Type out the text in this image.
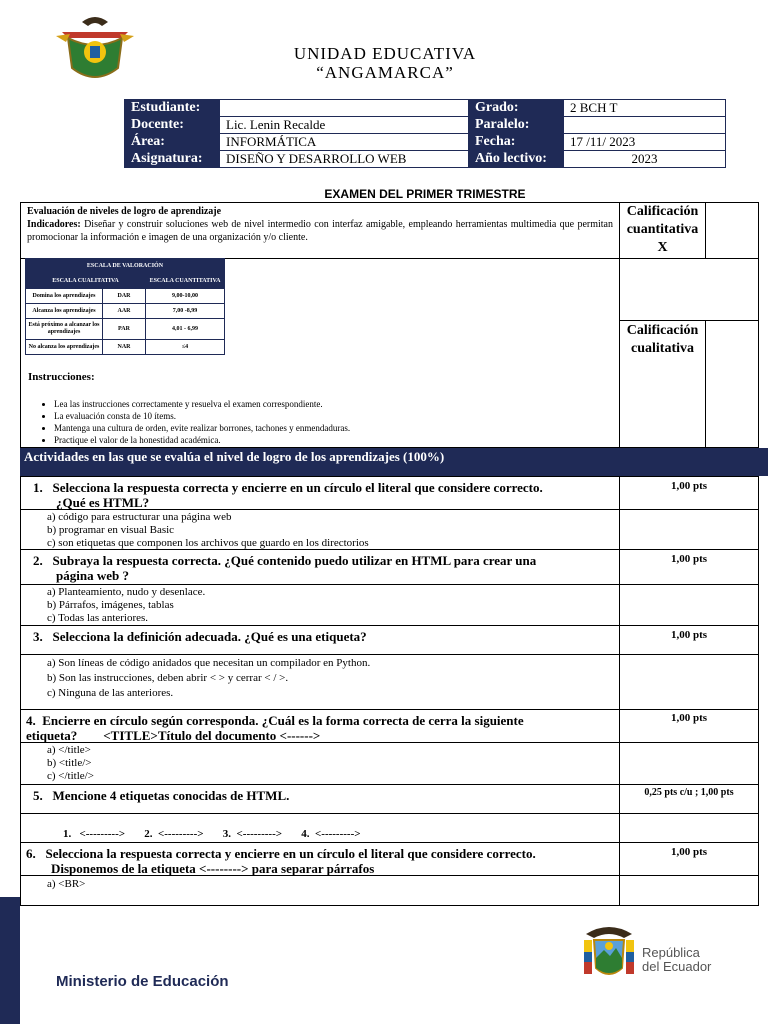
UNIDAD EDUCATIVA
“ANGAMARCA”
Estudiante:		Grado:	2 BCH T
Docente:	Lic. Lenin Recalde	Paralelo:	
Área:	INFORMÁTICA	Fecha:	17 /11/ 2023
Asignatura:	DISEÑO Y DESARROLLO WEB	Año lectivo:	2023
EXAMEN DEL PRIMER TRIMESTRE
Evaluación de niveles de logro de aprendizaje
Indicadores: Diseñar y construir soluciones web de nivel intermedio con interfaz amigable, empleando herramientas multimedia que permitan promocionar la información e imagen de una organización y/o cliente.
Calificación
cuantitativa
X
Calificación
cualitativa
ESCALA DE VALORACIÓN		
ESCALA CUALITATIVA		ESCALA CUANTITATIVA
Domina los aprendizajes	DAR	9,00-10,00
Alcanza los aprendizajes	AAR	7,00 -8,99
Está próximo a alcanzar los aprendizajes	PAR	4,01 - 6,99
No alcanza los aprendizajes	NAR	≤4
Instrucciones:
• Lea las instrucciones correctamente y resuelva el examen correspondiente.
• La evaluación consta de 10 ítems.
• Mantenga una cultura de orden, evite realizar borrones, tachones y enmendaduras.
• Practique el valor de la honestidad académica.
Actividades en las que se evalúa el nivel de logro de los aprendizajes (100%)
1. Selecciona la respuesta correcta y encierre en un círculo el literal que considere correcto.
¿Qué es HTML?
1,00 pts
a) código para estructurar una página web
b) programar en visual Basic
c) son etiquetas que componen los archivos que guardo en los directorios
2. Subraya la respuesta correcta. ¿Qué contenido puedo utilizar en HTML para crear una
página web ?
1,00 pts
a) Planteamiento, nudo y desenlace.
b) Párrafos, imágenes, tablas
c) Todas las anteriores.
3. Selecciona la definición adecuada. ¿Qué es una etiqueta?	1,00 pts
a) Son líneas de código anidados que necesitan un compilador en Python.
b) Son las instrucciones, deben abrir < > y cerrar < / >.
c) Ninguna de las anteriores.
4. Encierre en círculo según corresponda. ¿Cuál es la forma correcta de cerra la siguiente
etiqueta?        <TITLE>Título del documento <------>
1,00 pts
a) </title>
b) <title/>
c) </title/>
5. Mencione 4 etiquetas conocidas de HTML.	0,25 pts c/u ; 1,00 pts
1.   <--------->       2.  <--------->       3.  <--------->       4.  <--------->
6. Selecciona la respuesta correcta y encierre en un círculo el literal que considere correcto.
Disponemos de la etiqueta <--------> para separar párrafos
1,00 pts
a) <BR>
Ministerio de Educación
República
del Ecuador
